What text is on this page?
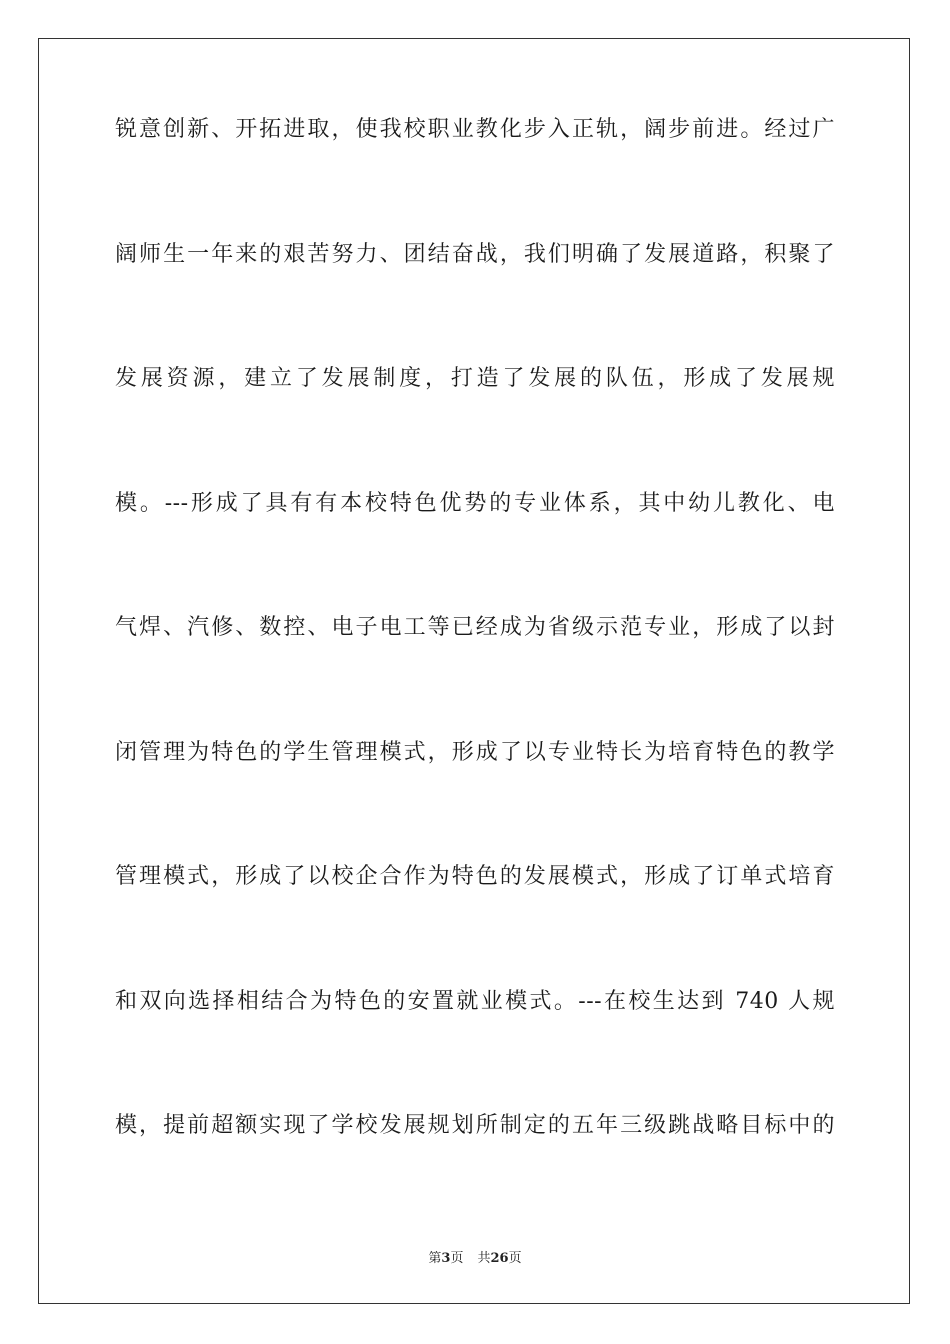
锐意创新、开拓进取，使我校职业教化步入正轨，阔步前进。经过广
阔师生一年来的艰苦努力、团结奋战，我们明确了发展道路，积聚了
发展资源，建立了发展制度，打造了发展的队伍，形成了发展规
模。---形成了具有有本校特色优势的专业体系，其中幼儿教化、电
气焊、汽修、数控、电子电工等已经成为省级示范专业，形成了以封
闭管理为特色的学生管理模式，形成了以专业特长为培育特色的教学
管理模式，形成了以校企合作为特色的发展模式，形成了订单式培育
和双向选择相结合为特色的安置就业模式。---在校生达到 740 人规
模，提前超额实现了学校发展规划所制定的五年三级跳战略目标中的
第3页 共26页
